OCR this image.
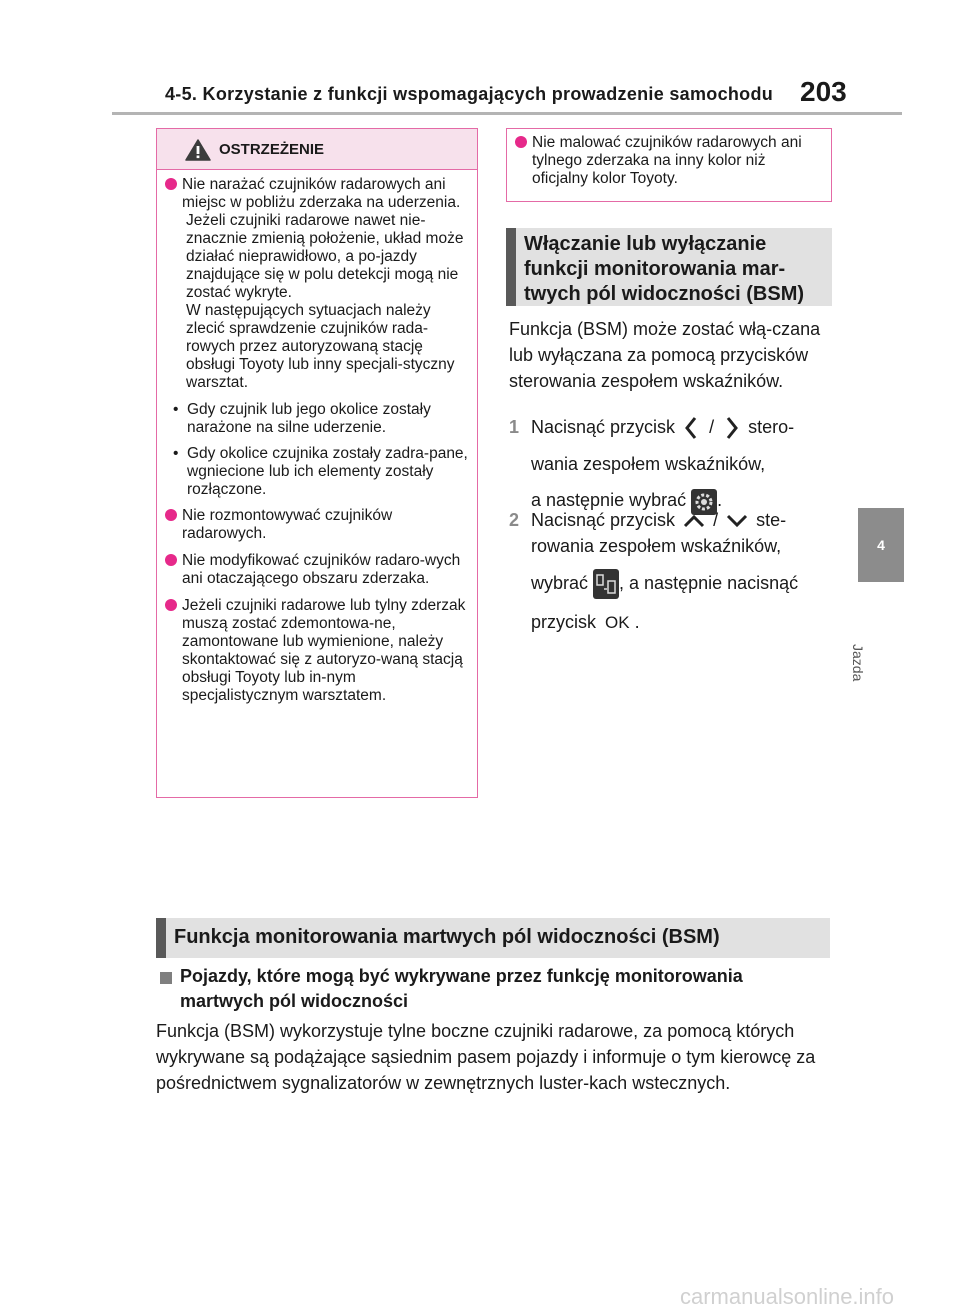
4-5. Korzystanie z funkcji wspomagających prowadzenie samochodu 203
4
Jazda
OSTRZEŻENIE
Nie narażać czujników radarowych ani miejsc w pobliżu zderzaka na uderzenia.
Jeżeli czujniki radarowe nawet nie-znacznie zmienią położenie, układ może działać nieprawidłowo, a po-jazdy znajdujące się w polu detekcji mogą nie zostać wykryte.
W następujących sytuacjach należy zlecić sprawdzenie czujników rada-rowych przez autoryzowaną stację obsługi Toyoty lub inny specjali-styczny warsztat.
• Gdy czujnik lub jego okolice zostały narażone na silne uderzenie.
• Gdy okolice czujnika zostały zadra-pane, wgniecione lub ich elementy zostały rozłączone.
Nie rozmontowywać czujników radarowych.
Nie modyfikować czujników radaro-wych ani otaczającego obszaru zderzaka.
Jeżeli czujniki radarowe lub tylny zderzak muszą zostać zdemontowa-ne, zamontowane lub wymienione, należy skontaktować się z autoryzo-waną stacją obsługi Toyoty lub in-nym specjalistycznym warsztatem.
Nie malować czujników radarowych ani tylnego zderzaka na inny kolor niż oficjalny kolor Toyoty.
Włączanie lub wyłączanie funkcji monitorowania mar-twych pól widoczności (BSM)
Funkcja (BSM) może zostać włą-czana lub wyłączana za pomocą przycisków sterowania zespołem wskaźników.
1 Nacisnąć przycisk / stero-
wania zespołem wskaźników,
a następnie wybrać .
2 Nacisnąć przycisk / ste-
rowania zespołem wskaźników,
wybrać , a następnie nacisnąć
przycisk OK .
Funkcja monitorowania martwych pól widoczności (BSM)
Pojazdy, które mogą być wykrywane przez funkcję monitorowania martwych pól widoczności
Funkcja (BSM) wykorzystuje tylne boczne czujniki radarowe, za pomocą których wykrywane są podążające sąsiednim pasem pojazdy i informuje o tym kierowcę za pośrednictwem sygnalizatorów w zewnętrznych luster-kach wstecznych.
carmanualsonline.info
